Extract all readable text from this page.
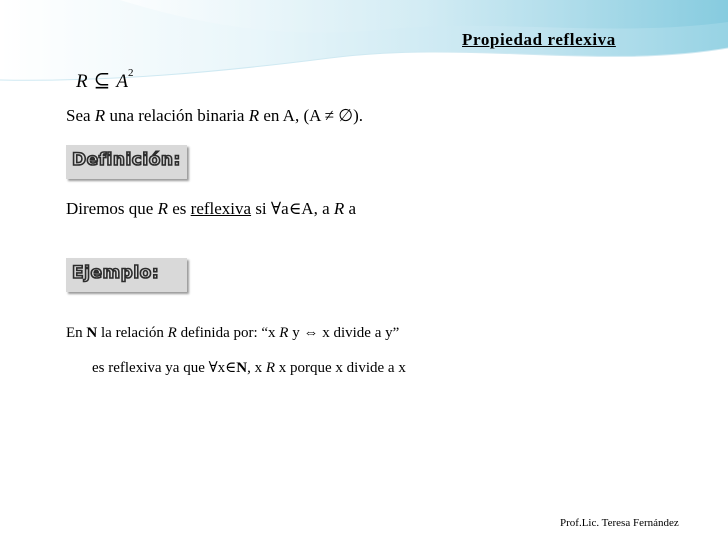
Propiedad reflexiva
R ⊆ $A^2$
Sea R una relación binaria R en A, (A ≠ ∅).
Definición:
Diremos que R es reflexiva si ∀a∈A, a R a
Ejemplo:
En N la relación R definida por: “x R y ⇔ x divide a y”
es reflexiva ya que ∀x∈N, x R x porque x divide a x
Prof.Lic. Teresa Fernández
